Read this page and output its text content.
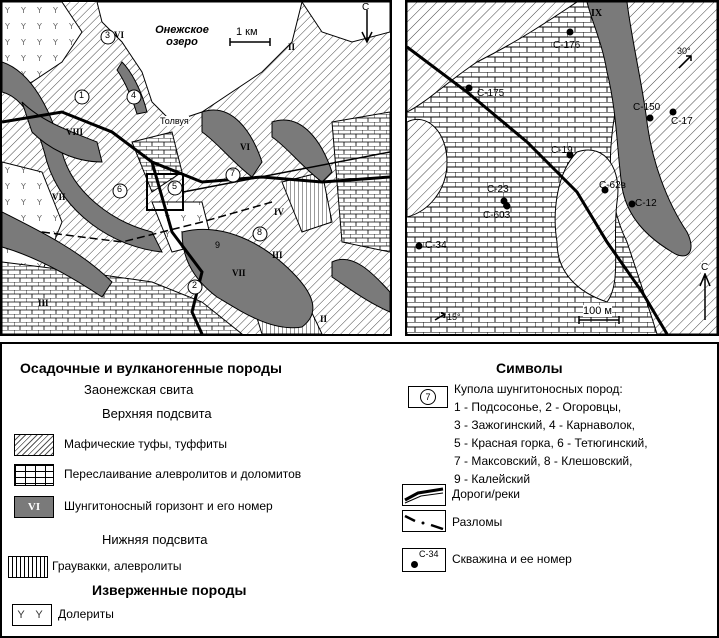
Онежское озеро
1 км
С
Толвуя
1
2
3
4
5
6
7
8
9
VI
VII
VIII
II
III
IV
VI
VII
III
II
IX
С-176
С-175
С-150
С-17
С-19
С-62в
С-23
С-603
С-12
С-34
30°
15°	100 м
С
Осадочные и вулканогенные породы
Заонежская свита
Верхняя подсвита
Мафические туфы, туффиты
Переслаивание алевролитов и доломитов
VI	Шунгитоносный горизонт и его номер
Нижняя подсвита
Граувакки, алевролиты
Изверженные породы
Y Y Долериты
Символы
7
Купола шунгитоносных пород:
1 - Подсосонье, 2 - Огоровцы,
3 - Зажогинский, 4 - Карнаволок,
5 - Красная горка, 6 - Тетюгинский,
7 - Максовский, 8 - Клешовский,
9 - Калейский
Дороги/реки
Разломы
С-34 Скважина и ее номер
